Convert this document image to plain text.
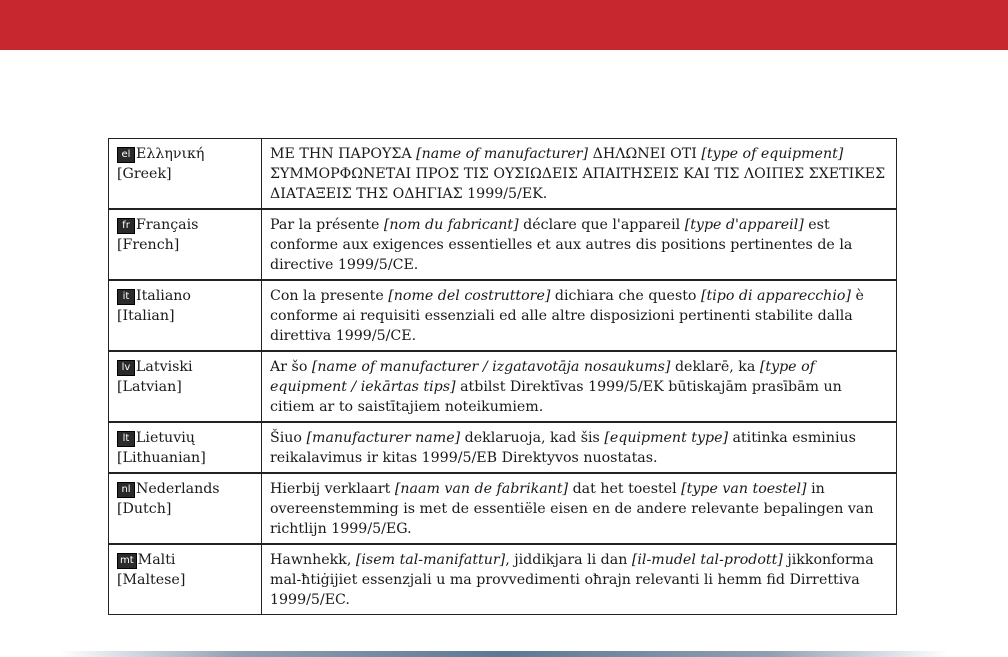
el Ελληνική
[Greek]	ΜΕ ΤΗΝ ΠΑΡΟΥΣΑ [name of manufacturer] ΔΗΛΩΝΕΙ ΟΤΙ [type of equipment] ΣΥΜΜΟΡΦΩΝΕΤΑΙ ΠΡΟΣ ΤΙΣ ΟΥΣΙΩΔΕΙΣ ΑΠΑΙΤΗΣΕΙΣ ΚΑΙ ΤΙΣ ΛΟΙΠΕΣ ΣΧΕΤΙΚΕΣ ΔΙΑΤΑΞΕΙΣ ΤΗΣ ΟΔΗΓΙΑΣ 1999/5/ΕΚ.
fr Français
[French]	Par la présente [nom du fabricant] déclare que l'appareil [type d'appareil] est conforme aux exigences essentielles et aux autres dis positions pertinentes de la directive 1999/5/CE.
it Italiano
[Italian]	Con la presente [nome del costruttore] dichiara che questo [tipo di apparecchio] è conforme ai requisiti essenziali ed alle altre disposizioni pertinenti stabilite dalla direttiva 1999/5/CE.
lv Latviski
[Latvian]	Ar šo [name of manufacturer / izgatavotāja nosaukums] deklarē, ka [type of equipment / iekārtas tips] atbilst Direktīvas 1999/5/EK būtiskajām prasībām un citiem ar to saistītajiem noteikumiem.
lt Lietuvių
[Lithuanian]	Šiuo [manufacturer name] deklaruoja, kad šis [equipment type] atitinka esminius reikalavimus ir kitas 1999/5/EB Direktyvos nuostatas.
nl Nederlands
[Dutch]	Hierbij verklaart [naam van de fabrikant] dat het toestel [type van toestel] in overeenstemming is met de essentiële eisen en de andere relevante bepalingen van richtlijn 1999/5/EG.
mt Malti
[Maltese]	Hawnhekk, [isem tal-manifattur], jiddikjara li dan [il-mudel tal-prodott] jikkonforma mal-ħtiġijiet essenzjali u ma provvedimenti oħrajn relevanti li hemm fid Dirrettiva 1999/5/EC.
